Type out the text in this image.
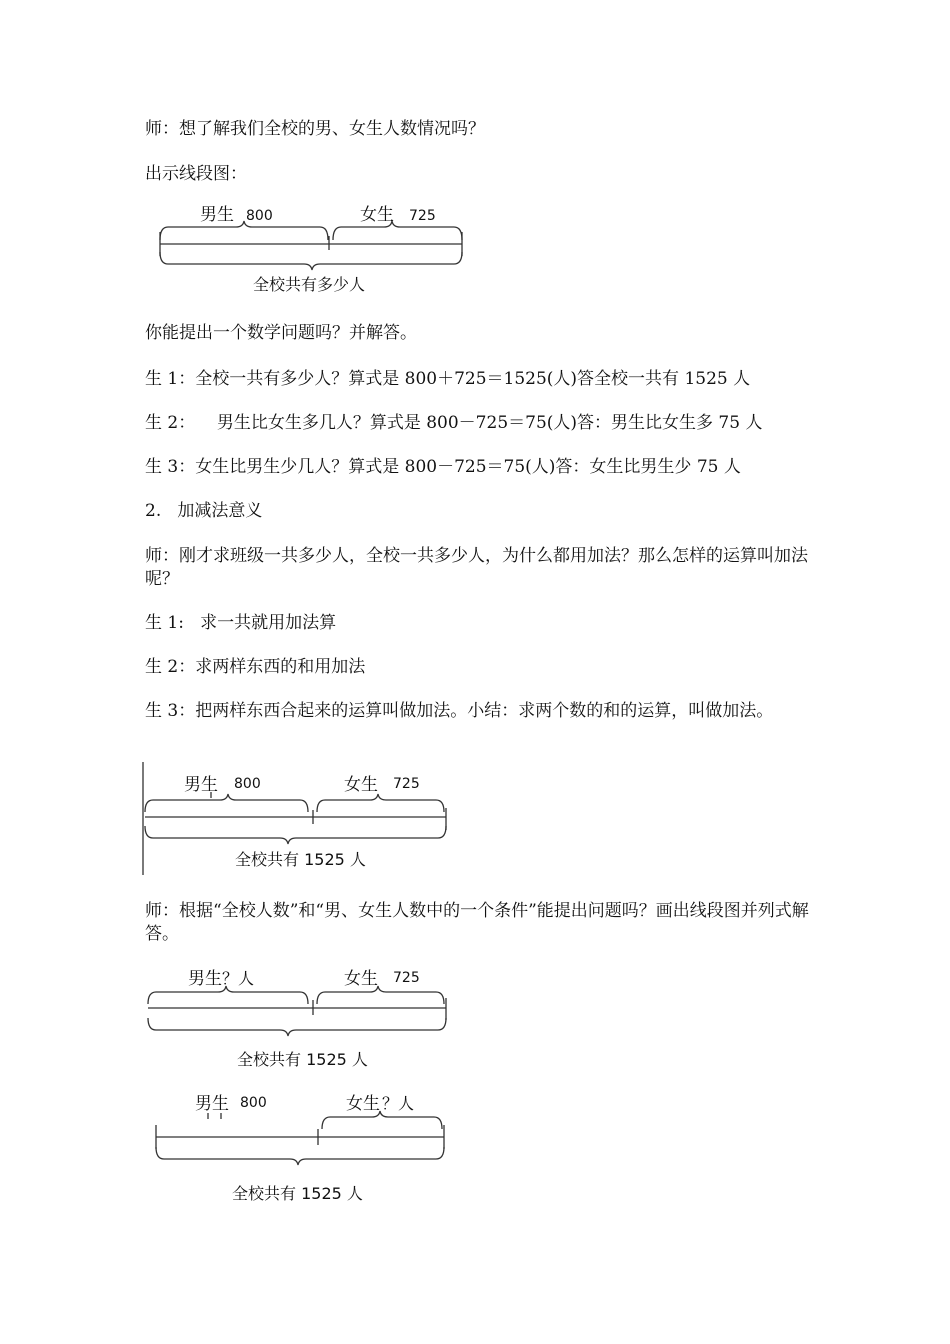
师：想了解我们全校的男、女生人数情况吗？

出示线段图：

男生 800	女生 725
全校共有多少人

你能提出一个数学问题吗？并解答。

生 1：全校一共有多少人？算式是 800＋725＝1525(人)答全校一共有 1525 人

生 2：    男生比女生多几人？算式是 800－725＝75(人)答：男生比女生多 75 人

生 3：女生比男生少几人？算式是 800－725＝75(人)答：女生比男生少 75 人

2.   加减法意义

师：刚才求班级一共多少人，全校一共多少人，为什么都用加法？那么怎样的运算叫加法呢？

生 1:   求一共就用加法算

生 2：求两样东西的和用加法

生 3：把两样东西合起来的运算叫做加法。小结：求两个数的和的运算，叫做加法。

男生 800	女生 725
全校共有 1525 人

师：根据“全校人数”和“男、女生人数中的一个条件”能提出问题吗？画出线段图并列式解答。

男生 ？人	女生 725
全校共有 1525 人
男生 800	女生 ？人
全校共有 1525 人
